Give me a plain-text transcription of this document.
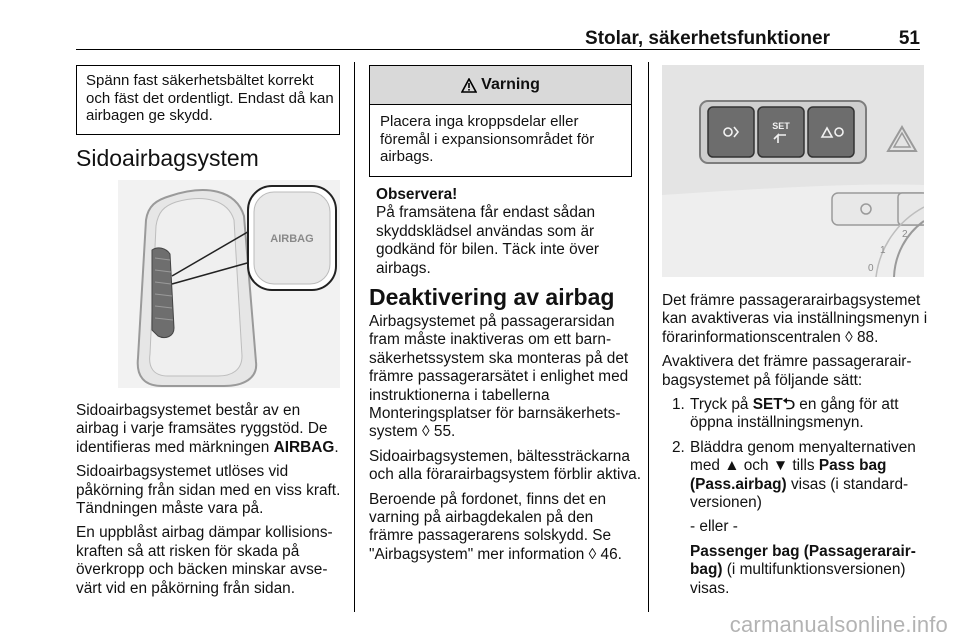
Stolar, säkerhetsfunktioner	51
Spänn fast säkerhetsbältet korrekt och fäst det ordentligt. Endast då kan airbagen ge skydd.
Sidoairbagsystem
AIRBAG

Sidoairbagsystemet består av en airbag i varje framsätes ryggstöd. De identifieras med märkningen AIRBAG.

Sidoairbagsystemet utlöses vid påkörning från sidan med en viss kraft. Tändningen måste vara på.

En uppblåst airbag dämpar kollisionskraften så att risken för skada på överkropp och bäcken minskar avsevärt vid en påkörning från sidan.

Varning
Placera inga kroppsdelar eller föremål i expansionsområdet för airbags.

Observera!

På framsätena får endast sådan skyddsklädsel användas som är godkänd för bilen. Täck inte över airbags.

Deaktivering av airbag

Airbagsystemet på passagerarsidan fram måste inaktiveras om ett barnsäkerhetssystem ska monteras på det främre passagerarsätet i enlighet med instruktionerna i tabellerna Monteringsplatser för barnsäkerhetssystem ◊ 55.

Sidoairbagsystemen, bältessträckarna och alla förarairbagsystem förblir aktiva.

Beroende på fordonet, finns det en varning på airbagdekalen på den främre passagerarens solskydd. Se "Airbagsystem" mer information ◊ 46.

SET
1
2
0

Det främre passagerarairbagsystemet kan avaktiveras via inställningsmenyn i förarinformationscentralen ◊ 88.

Avaktivera det främre passagerarairbagsystemet på följande sätt:

1. Tryck på SET⮌ en gång för att öppna inställningsmenyn.
2. Bläddra genom menyalternativen med ▲ och ▼ tills Pass bag (Pass.airbag) visas (i standardversionen)

- eller -

Passenger bag (Passagerarairbag) (i multifunktionsversionen) visas.

carmanualsonline.info
